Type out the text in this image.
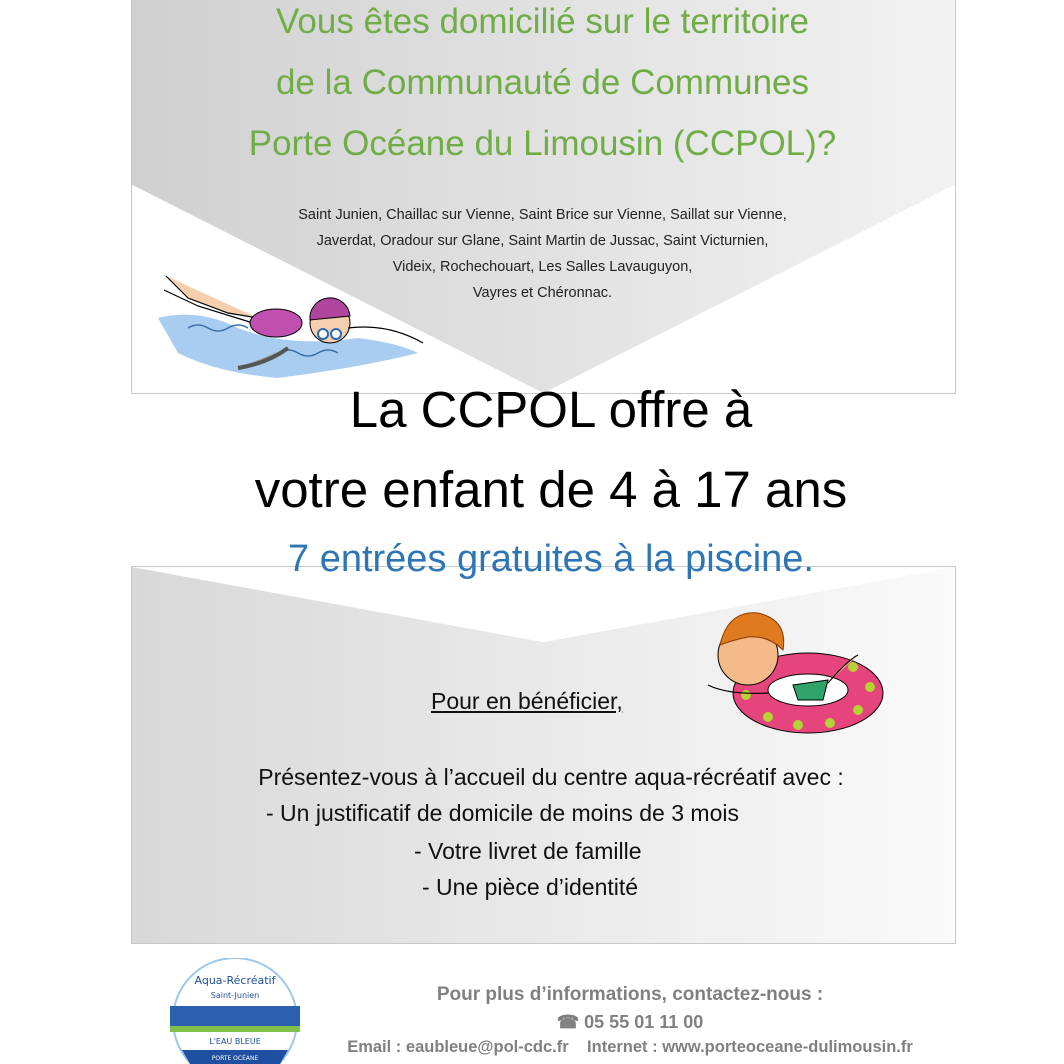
Vous êtes domicilié sur le territoire
de la Communauté de Communes
Porte Océane du Limousin (CCPOL)?
Saint Junien, Chaillac sur Vienne, Saint Brice sur Vienne, Saillat sur Vienne,
Javerdat, Oradour sur Glane, Saint Martin de Jussac, Saint Victurnien,
Videix, Rochechouart, Les Salles Lavauguyon,
Vayres et Chéronnac.
La CCPOL offre à
votre enfant de 4 à 17 ans
7 entrées gratuites à la piscine.
Pour en bénéficier,
Présentez-vous à l’accueil du centre aqua-récréatif avec :
- Un justificatif de domicile de moins de 3 mois
- Votre livret de famille
- Une pièce d’identité
Aqua-Récréatif
Saint-Junien
L'EAU BLEUE
PORTE OCÉANE
Pour plus d’informations, contactez-nous :
☎ 05 55 01 11 00
Email : eaubleue@pol-cdc.fr Internet : www.porteoceane-dulimousin.fr
